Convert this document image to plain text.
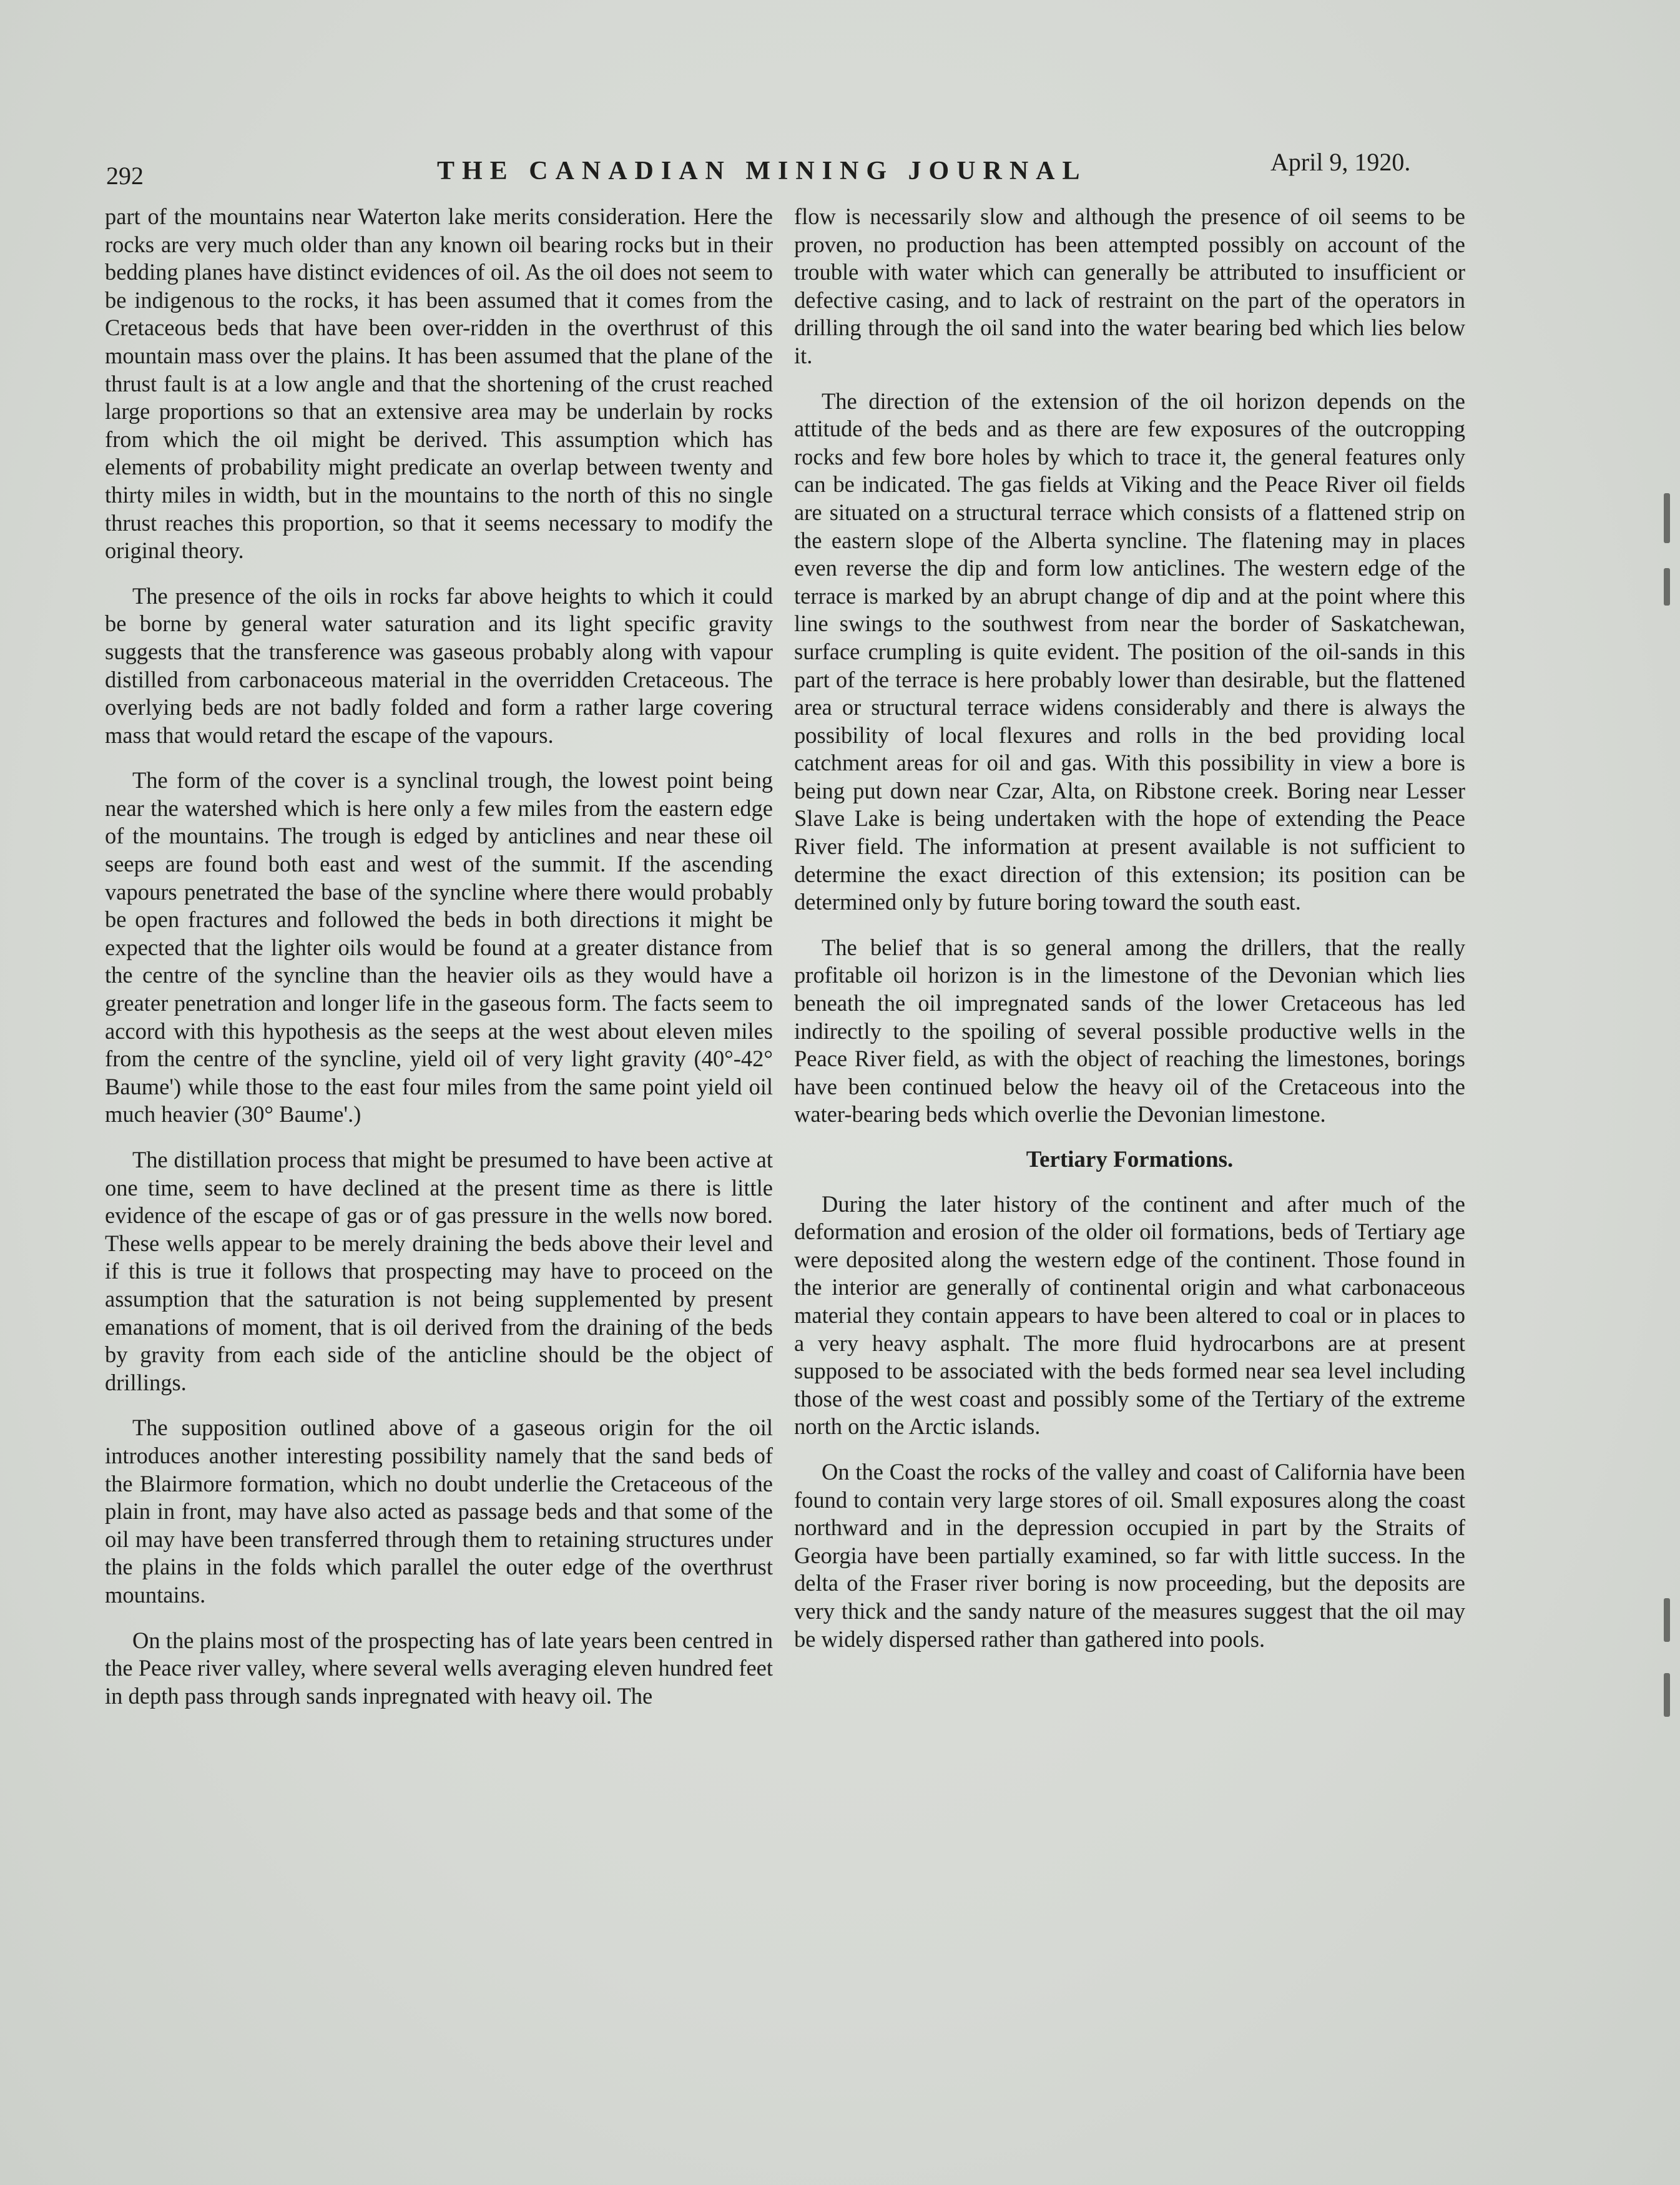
292	THE CANADIAN MINING JOURNAL	April 9, 1920.

part of the mountains near Waterton lake merits consideration. Here the rocks are very much older than any known oil bearing rocks but in their bedding planes have distinct evidences of oil. As the oil does not seem to be indigenous to the rocks, it has been assumed that it comes from the Cretaceous beds that have been over-ridden in the overthrust of this mountain mass over the plains. It has been assumed that the plane of the thrust fault is at a low angle and that the shortening of the crust reached large proportions so that an extensive area may be underlain by rocks from which the oil might be derived. This assumption which has elements of probability might predicate an overlap between twenty and thirty miles in width, but in the mountains to the north of this no single thrust reaches this proportion, so that it seems necessary to modify the original theory.

The presence of the oils in rocks far above heights to which it could be borne by general water saturation and its light specific gravity suggests that the transference was gaseous probably along with vapour distilled from carbonaceous material in the overridden Cretaceous. The overlying beds are not badly folded and form a rather large covering mass that would retard the escape of the vapours.

The form of the cover is a synclinal trough, the lowest point being near the watershed which is here only a few miles from the eastern edge of the mountains. The trough is edged by anticlines and near these oil seeps are found both east and west of the summit. If the ascending vapours penetrated the base of the syncline where there would probably be open fractures and followed the beds in both directions it might be expected that the lighter oils would be found at a greater distance from the centre of the syncline than the heavier oils as they would have a greater penetration and longer life in the gaseous form. The facts seem to accord with this hypothesis as the seeps at the west about eleven miles from the centre of the syncline, yield oil of very light gravity (40°-42° Baume') while those to the east four miles from the same point yield oil much heavier (30° Baume'.)

The distillation process that might be presumed to have been active at one time, seem to have declined at the present time as there is little evidence of the escape of gas or of gas pressure in the wells now bored. These wells appear to be merely draining the beds above their level and if this is true it follows that prospecting may have to proceed on the assumption that the saturation is not being supplemented by present emanations of moment, that is oil derived from the draining of the beds by gravity from each side of the anticline should be the object of drillings.

The supposition outlined above of a gaseous origin for the oil introduces another interesting possibility namely that the sand beds of the Blairmore formation, which no doubt underlie the Cretaceous of the plain in front, may have also acted as passage beds and that some of the oil may have been transferred through them to retaining structures under the plains in the folds which parallel the outer edge of the overthrust mountains.

On the plains most of the prospecting has of late years been centred in the Peace river valley, where several wells averaging eleven hundred feet in depth pass through sands inpregnated with heavy oil. The

flow is necessarily slow and although the presence of oil seems to be proven, no production has been attempted possibly on account of the trouble with water which can generally be attributed to insufficient or defective casing, and to lack of restraint on the part of the operators in drilling through the oil sand into the water bearing bed which lies below it.

The direction of the extension of the oil horizon depends on the attitude of the beds and as there are few exposures of the outcropping rocks and few bore holes by which to trace it, the general features only can be indicated. The gas fields at Viking and the Peace River oil fields are situated on a structural terrace which consists of a flattened strip on the eastern slope of the Alberta syncline. The flatening may in places even reverse the dip and form low anticlines. The western edge of the terrace is marked by an abrupt change of dip and at the point where this line swings to the southwest from near the border of Saskatchewan, surface crumpling is quite evident. The position of the oil-sands in this part of the terrace is here probably lower than desirable, but the flattened area or structural terrace widens considerably and there is always the possibility of local flexures and rolls in the bed providing local catchment areas for oil and gas. With this possibility in view a bore is being put down near Czar, Alta, on Ribstone creek. Boring near Lesser Slave Lake is being undertaken with the hope of extending the Peace River field. The information at present available is not sufficient to determine the exact direction of this extension; its position can be determined only by future boring toward the south east.

The belief that is so general among the drillers, that the really profitable oil horizon is in the limestone of the Devonian which lies beneath the oil impregnated sands of the lower Cretaceous has led indirectly to the spoiling of several possible productive wells in the Peace River field, as with the object of reaching the limestones, borings have been continued below the heavy oil of the Cretaceous into the water-bearing beds which overlie the Devonian limestone.

Tertiary Formations.

During the later history of the continent and after much of the deformation and erosion of the older oil formations, beds of Tertiary age were deposited along the western edge of the continent. Those found in the interior are generally of continental origin and what carbonaceous material they contain appears to have been altered to coal or in places to a very heavy asphalt. The more fluid hydrocarbons are at present supposed to be associated with the beds formed near sea level including those of the west coast and possibly some of the Tertiary of the extreme north on the Arctic islands.

On the Coast the rocks of the valley and coast of California have been found to contain very large stores of oil. Small exposures along the coast northward and in the depression occupied in part by the Straits of Georgia have been partially examined, so far with little success. In the delta of the Fraser river boring is now proceeding, but the deposits are very thick and the sandy nature of the measures suggest that the oil may be widely dispersed rather than gathered into pools.
